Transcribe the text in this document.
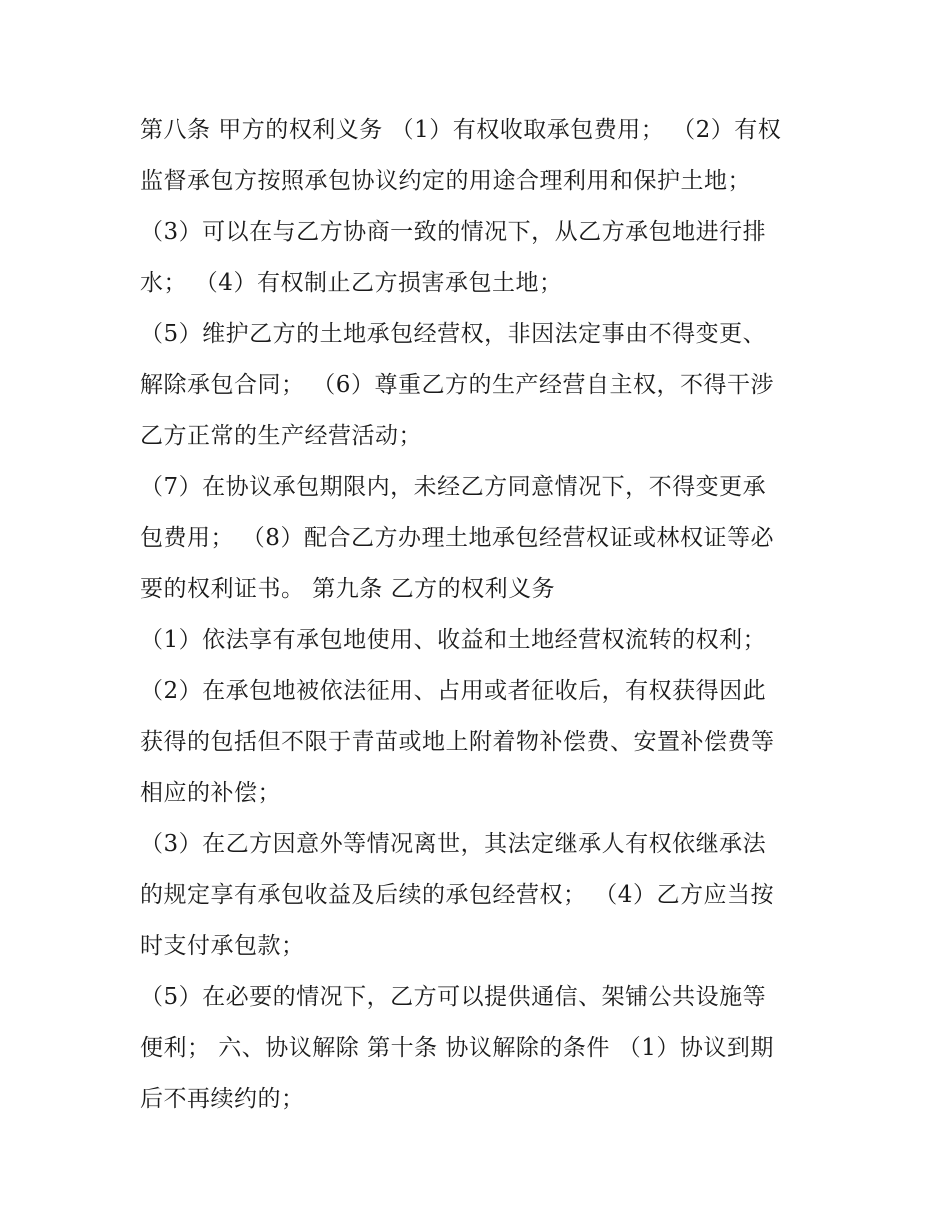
第八条 甲方的权利义务 （1）有权收取承包费用； （2）有权
监督承包方按照承包协议约定的用途合理利用和保护土地；
（3）可以在与乙方协商一致的情况下，从乙方承包地进行排
水； （4）有权制止乙方损害承包土地；
（5）维护乙方的土地承包经营权，非因法定事由不得变更、
解除承包合同； （6）尊重乙方的生产经营自主权，不得干涉
乙方正常的生产经营活动；
（7）在协议承包期限内，未经乙方同意情况下，不得变更承
包费用； （8）配合乙方办理土地承包经营权证或林权证等必
要的权利证书。 第九条 乙方的权利义务
（1）依法享有承包地使用、收益和土地经营权流转的权利；
（2）在承包地被依法征用、占用或者征收后，有权获得因此
获得的包括但不限于青苗或地上附着物补偿费、安置补偿费等
相应的补偿；
（3）在乙方因意外等情况离世，其法定继承人有权依继承法
的规定享有承包收益及后续的承包经营权； （4）乙方应当按
时支付承包款；
（5）在必要的情况下，乙方可以提供通信、架铺公共设施等
便利； 六、协议解除 第十条 协议解除的条件 （1）协议到期
后不再续约的；
